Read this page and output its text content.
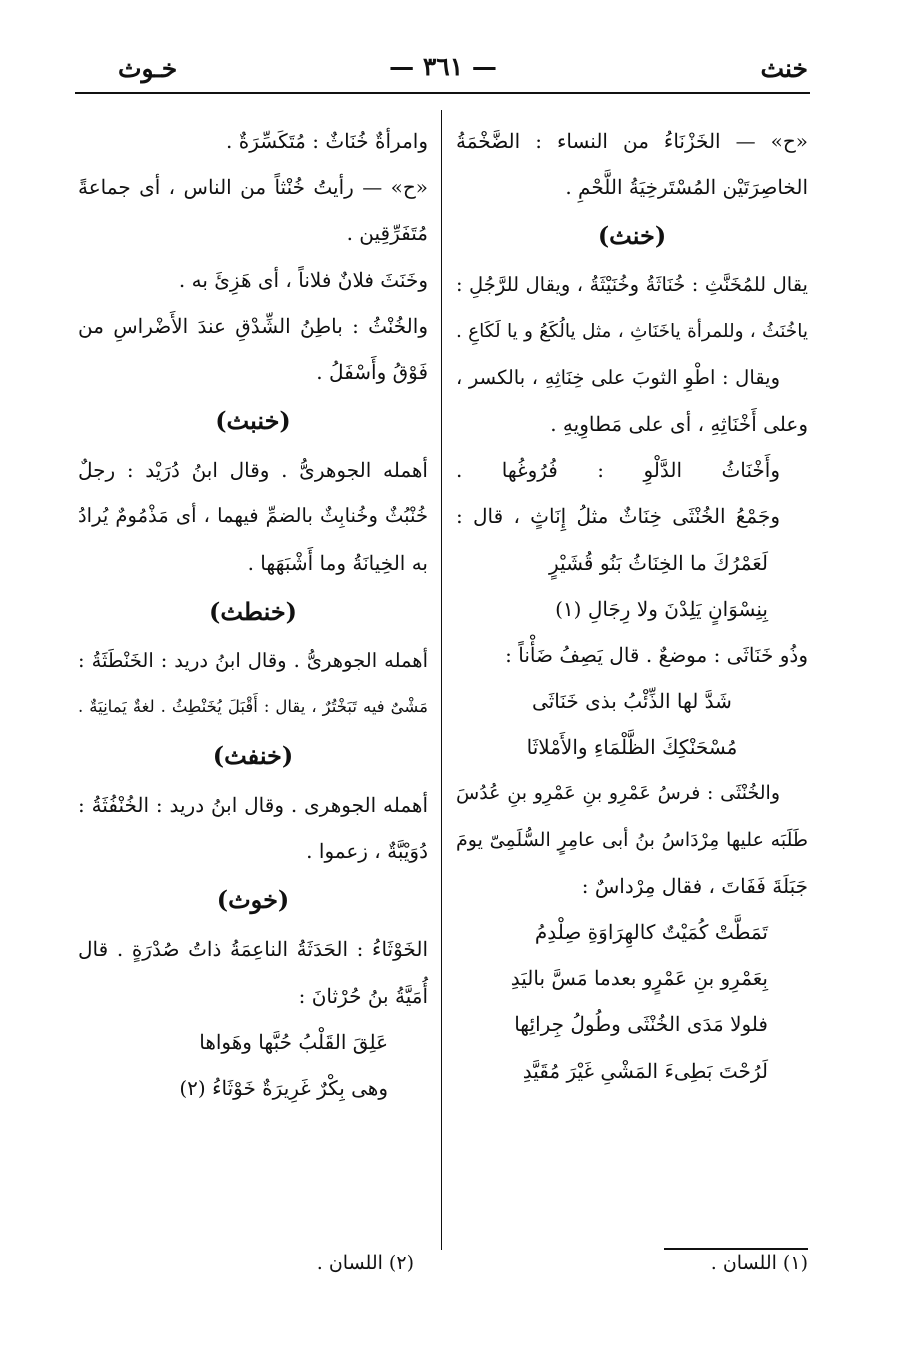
خنث
— ٣٦١ —
خـوث
«ح» — الخَزْنَاءُ من النساء : الضَّخْمَةُ
الخاصِرَتَيْن المُسْتَرخِيَةُ اللَّحْمِ .
(خنث)
يقال للمُخَنَّثِ : خُنَاثَةُ وخُنَيْثَةُ ، ويقال للرَّجُلِ :
ياخُنَثُ ، وللمرأة ياخَنَاثِ ، مثل يالُكَعُ و يا لَكَاعِ .
ويقال : اطْوِ الثوبَ على خِنَاثِهِ ، بالكسر ،
وعلى أَخْنَاثِهِ ، أى على مَطاوِيهِ .
وأَخْنَاثُ الدَّلْوِ : فُرُوغُها .
وجَمْعُ الخُنْثَى خِنَاثٌ مثلُ إِنَاثٍ ، قال :
لَعَمْرُكَ ما الخِنَاثُ بَنُو قُشَيْرٍ
بِنِسْوَانٍ يَلِدْنَ ولا رِجَالِ (١)
وذُو خَنَاثَى : موضعٌ . قال يَصِفُ ضَأْناً :
شَدَّ لها الذِّئْبُ بذى خَنَاثَى
مُسْحَنْكِكَ الظَّلْمَاءِ والأَمْلاثَا
والخُنْثَى : فرسُ عَمْرِو بنِ عَمْرِو بنِ عُدُسَ
طَلَبَه عليها مِرْدَاسُ بنُ أبى عامِرٍ السُّلَمِىّ يومَ
جَبَلَةَ فَفَاتَ ، فقال مِرْداسٌ :
تَمَطَّتْ كُمَيْتٌ كالهِرَاوَةِ صِلْدِمُ
بِعَمْرِو بنِ عَمْرٍو بعدما مَسَّ باليَدِ
فلولا مَدَى الخُنْثَى وطُولُ جِرائِها
لَرُحْتَ بَطِىءَ المَشْىِ غَيْرَ مُقَيَّدِ
وامرأةٌ خُنَاثٌ : مُتَكَسِّرَةٌ .
«ح» — رأيتُ خُنْثاً من الناس ، أى جماعةً
مُتَفَرِّقِين .
وخَنَثَ فلانٌ فلاناً ، أى هَزِئَ به .
والخُنْثُ : باطِنُ الشِّدْقِ عندَ الأَضْراسِ من
فَوْقُ وأَسْفَلُ .
(خنبث)
أهمله الجوهرىُّ . وقال ابنُ دُرَيْد : رجلٌ
خُنْبُثٌ وخُنابِثٌ بالضمِّ فيهما ، أى مَذْمُومٌ يُرادُ
به الخِيانَةُ وما أَشْبَهَها .
(خنطث)
أهمله الجوهرىُّ . وقال ابنُ دريد : الخَنْطَثَةُ :
مَشْىٌ فيه تَبَخْتُرٌ ، يقال : أَقْبَلَ يُخَنْطِثُ . لغةٌ يَمانِيَةٌ .
(خنفث)
أهمله الجوهرى . وقال ابنُ دريد : الخُنْفُثَةُ :
دُوَيْبَّةٌ ، زعموا .
(خوث)
الخَوْثَاءُ : الحَدَثَةُ الناعِمَةُ ذاتُ صُدْرَةٍ . قال
أُمَيَّةُ بنُ حُرْثانَ :
عَلِقَ القَلْبُ حُبَّها وهَواها
وهى بِكْرٌ غَرِيرَةٌ خَوْثَاءُ (٢)
(١) اللسان .
(٢) اللسان .
